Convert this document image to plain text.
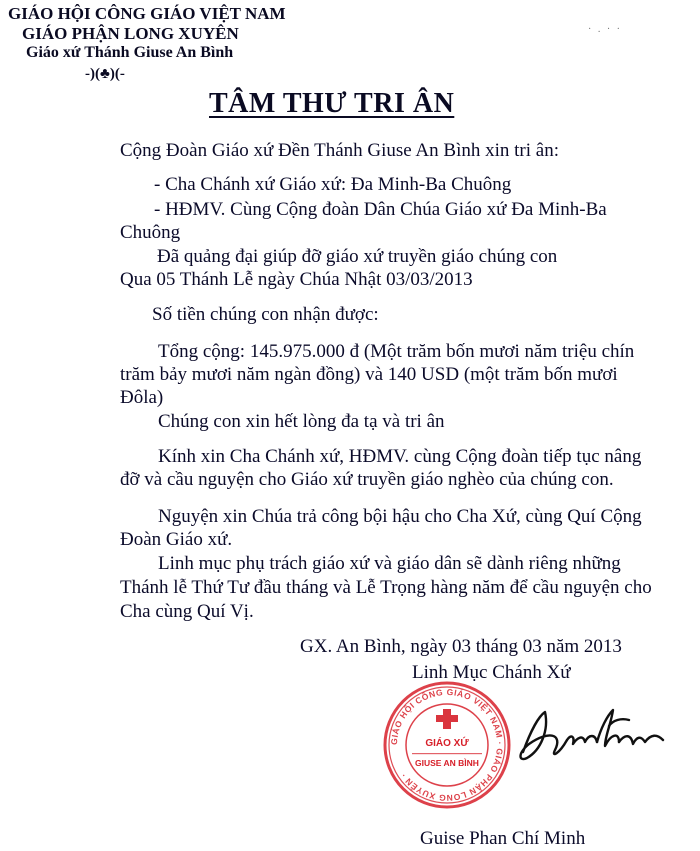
GIÁO HỘI CÔNG GIÁO VIỆT NAM
GIÁO PHẬN LONG XUYÊN
Giáo xứ Thánh Giuse An Bình
-)(♣)(-
· . · ·
TÂM THƯ TRI ÂN
Cộng Đoàn Giáo xứ Đền Thánh Giuse An Bình xin tri ân:
- Cha Chánh xứ Giáo xứ: Đa Minh-Ba Chuông
- HĐMV. Cùng Cộng đoàn Dân Chúa Giáo xứ Đa Minh-Ba
Chuông
Đã quảng đại giúp đỡ giáo xứ truyền giáo chúng con
Qua 05 Thánh Lễ ngày Chúa Nhật 03/03/2013
Số tiền chúng con nhận được:
Tổng cộng: 145.975.000 đ (Một trăm bốn mươi năm triệu chín
trăm bảy mươi năm ngàn đồng) và 140 USD (một trăm bốn mươi
Đôla)
Chúng con xin hết lòng đa tạ và tri ân
Kính xin Cha Chánh xứ, HĐMV. cùng Cộng đoàn tiếp tục nâng
đỡ và cầu nguyện cho Giáo xứ truyền giáo nghèo của chúng con.
Nguyện xin Chúa trả công bội hậu cho Cha Xứ, cùng Quí Cộng
Đoàn Giáo xứ.
Linh mục phụ trách giáo xứ và giáo dân sẽ dành riêng những
Thánh lễ Thứ Tư đầu tháng và Lễ Trọng hàng năm để cầu nguyện cho
Cha cùng Quí Vị.
GX. An Bình, ngày 03 tháng 03 năm 2013
Linh Mục Chánh Xứ
Guise Phan Chí Minh
GIÁO HỘI CÔNG GIÁO VIỆT NAM · GIÁO PHẬN LONG XUYÊN ·
GIÁO XỨ
GIUSE AN BÌNH
